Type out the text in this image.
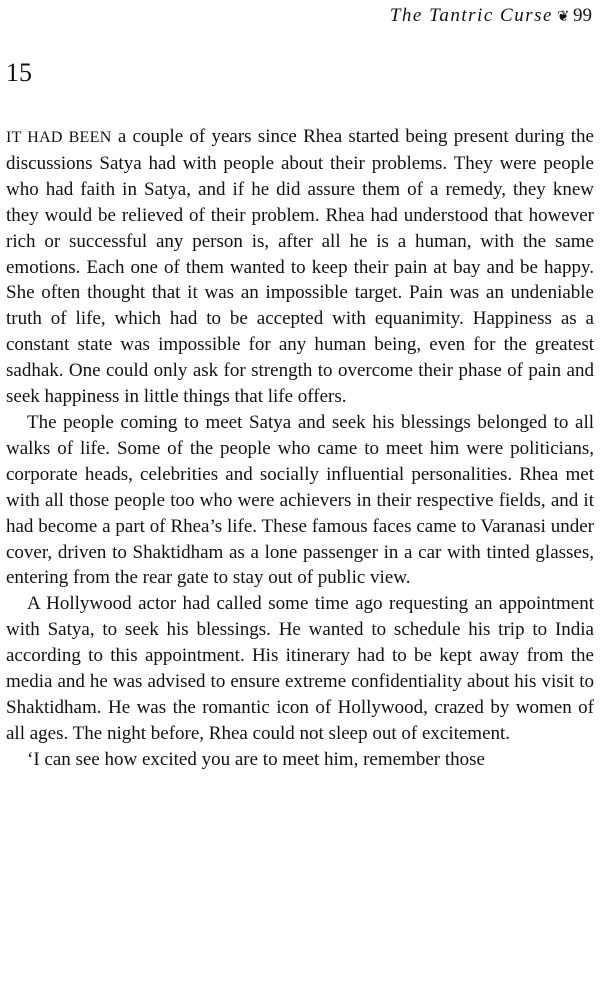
The Tantric Curse ❦ 99
15

IT HAD BEEN a couple of years since Rhea started being present during the discussions Satya had with people about their problems. They were people who had faith in Satya, and if he did assure them of a remedy, they knew they would be relieved of their problem. Rhea had understood that however rich or successful any person is, after all he is a human, with the same emotions. Each one of them wanted to keep their pain at bay and be happy. She often thought that it was an impossible target. Pain was an undeniable truth of life, which had to be accepted with equanimity. Happiness as a constant state was impossible for any human being, even for the greatest sadhak. One could only ask for strength to overcome their phase of pain and seek happiness in little things that life offers.

The people coming to meet Satya and seek his blessings belonged to all walks of life. Some of the people who came to meet him were politicians, corporate heads, celebrities and socially influential personalities. Rhea met with all those people too who were achievers in their respective fields, and it had become a part of Rhea’s life. These famous faces came to Varanasi under cover, driven to Shaktidham as a lone passenger in a car with tinted glasses, entering from the rear gate to stay out of public view.

A Hollywood actor had called some time ago requesting an appointment with Satya, to seek his blessings. He wanted to schedule his trip to India according to this appointment. His itinerary had to be kept away from the media and he was advised to ensure extreme confidentiality about his visit to Shaktidham. He was the romantic icon of Hollywood, crazed by women of all ages. The night before, Rhea could not sleep out of excitement.

‘I can see how excited you are to meet him, remember those
